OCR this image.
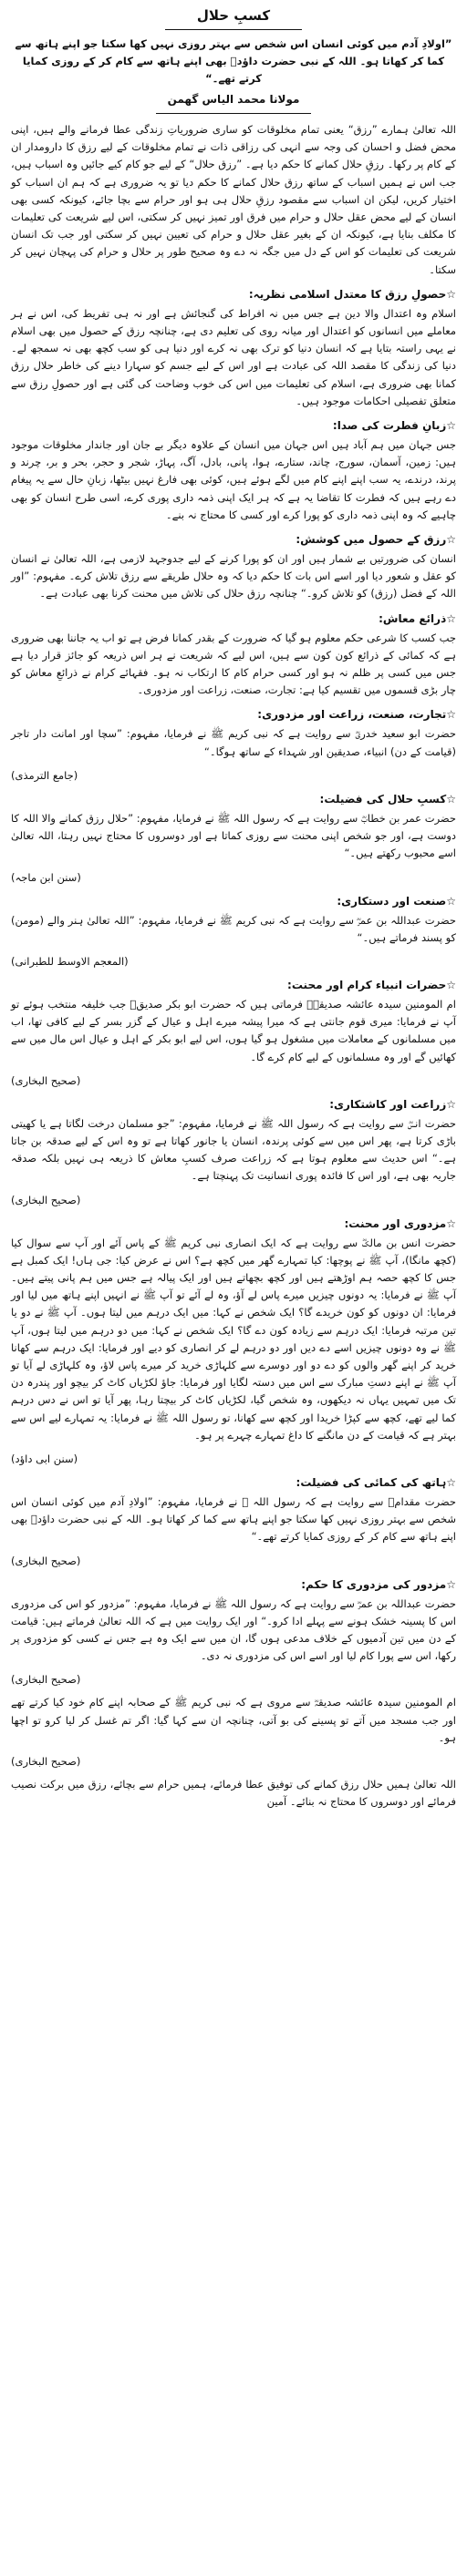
کسبِ حلال

”اولادِ آدم میں کوئی انسان اس شخص سے بہتر روزی نہیں کھا سکتا جو اپنے ہاتھ سے کما کر کھاتا ہو۔ اللہ کے نبی حضرت داؤدؑ بھی اپنے ہاتھ سے کام کر کے روزی کمایا کرتے تھے۔“

مولانا محمد الیاس گھمن

اللہ تعالیٰ ہمارے ”رزق“ یعنی تمام مخلوقات کو ساری ضروریاتِ زندگی عطا فرمانے والے ہیں، اپنی محض فضل و احسان کی وجہ سے انہی کی رزاقی ذات نے تمام مخلوقات کے لیے رزق کا دارومدار ان کے کام پر رکھا۔ رزقِ حلال کمانے کا حکم دیا ہے۔ ”رزق حلال“ کے لیے جو کام کیے جائیں وہ اسباب ہیں، جب اس نے ہمیں اسباب کے ساتھ رزق حلال کمانے کا حکم دیا تو یہ ضروری ہے کہ ہم ان اسباب کو اختیار کریں، لیکن ان اسباب سے مقصود رزقِ حلال ہی ہو اور حرام سے بچا جائے، کیونکہ کسی بھی انسان کے لیے محض عقل حلال و حرام میں فرق اور تمیز نہیں کر سکتی، اس لیے شریعت کی تعلیمات کا مکلف بنایا ہے، کیونکہ ان کے بغیر عقل حلال و حرام کی تعیین نہیں کر سکتی اور جب تک انسان شریعت کی تعلیمات کو اس کے دل میں جگہ نہ دے وہ صحیح طور پر حلال و حرام کی پہچان نہیں کر سکتا۔

☆حصولِ رزق کا معتدل اسلامی نظریہ:

اسلام وہ اعتدال والا دین ہے جس میں نہ افراط کی گنجائش ہے اور نہ ہی تفریط کی، اس نے ہر معاملے میں انسانوں کو اعتدال اور میانہ روی کی تعلیم دی ہے، چنانچہ رزق کے حصول میں بھی اسلام نے یہی راستہ بتایا ہے کہ انسان دنیا کو ترک بھی نہ کرے اور دنیا ہی کو سب کچھ بھی نہ سمجھ لے۔ دنیا کی زندگی کا مقصد اللہ کی عبادت ہے اور اس کے لیے جسم کو سہارا دینے کی خاطر حلال رزق کمانا بھی ضروری ہے، اسلام کی تعلیمات میں اس کی خوب وضاحت کی گئی ہے اور حصولِ رزق سے متعلق تفصیلی احکامات موجود ہیں۔

☆زبانِ فطرت کی صدا:

جس جہان میں ہم آباد ہیں اس جہان میں انسان کے علاوہ دیگر بے جان اور جاندار مخلوقات موجود ہیں: زمین، آسمان، سورج، چاند، ستارے، ہوا، پانی، بادل، آگ، پہاڑ، شجر و حجر، بحر و بر، چرند و پرند، درندے، یہ سب اپنے اپنے کام میں لگے ہوئے ہیں، کوئی بھی فارغ نہیں بیٹھا، زبانِ حال سے یہ پیغام دے رہے ہیں کہ فطرت کا تقاضا یہ ہے کہ ہر ایک اپنی ذمہ داری پوری کرے، اسی طرح انسان کو بھی چاہیے کہ وہ اپنی ذمہ داری کو پورا کرے اور کسی کا محتاج نہ بنے۔

☆رزق کے حصول میں کوشش:

انسان کی ضرورتیں بے شمار ہیں اور ان کو پورا کرنے کے لیے جدوجہد لازمی ہے، اللہ تعالیٰ نے انسان کو عقل و شعور دیا اور اسے اس بات کا حکم دیا کہ وہ حلال طریقے سے رزق تلاش کرے۔ مفہوم: ”اور اللہ کے فضل (رزق) کو تلاش کرو۔“ چنانچہ رزق حلال کی تلاش میں محنت کرنا بھی عبادت ہے۔

☆ذرائع معاش:

جب کسب کا شرعی حکم معلوم ہو گیا کہ ضرورت کے بقدر کمانا فرض ہے تو اب یہ جاننا بھی ضروری ہے کہ کمائی کے ذرائع کون کون سے ہیں، اس لیے کہ شریعت نے ہر اس ذریعہ کو جائز قرار دیا ہے جس میں کسی پر ظلم نہ ہو اور کسی حرام کام کا ارتکاب نہ ہو۔ فقہائے کرام نے ذرائعِ معاش کو چار بڑی قسموں میں تقسیم کیا ہے: تجارت، صنعت، زراعت اور مزدوری۔

☆تجارت، صنعت، زراعت اور مزدوری:

حضرت ابو سعید خدریؓ سے روایت ہے کہ نبی کریم ﷺ نے فرمایا، مفہوم: ”سچا اور امانت دار تاجر (قیامت کے دن) انبیاء، صدیقین اور شہداء کے ساتھ ہوگا۔“

(جامع الترمذی)
☆کسبِ حلال کی فضیلت:

حضرت عمر بن خطابؓ سے روایت ہے کہ رسول اللہ ﷺ نے فرمایا، مفہوم: ”حلال رزق کمانے والا اللہ کا دوست ہے، اور جو شخص اپنی محنت سے روزی کماتا ہے اور دوسروں کا محتاج نہیں رہتا، اللہ تعالیٰ اسے محبوب رکھتے ہیں۔“

(سنن ابن ماجہ)
☆صنعت اور دستکاری:

حضرت عبداللہ بن عمرؓ سے روایت ہے کہ نبی کریم ﷺ نے فرمایا، مفہوم: ”اللہ تعالیٰ ہنر والے (مومن) کو پسند فرماتے ہیں۔“

(المعجم الاوسط للطبرانی)
☆حضرات انبیاء کرام اور محنت:

ام المومنین سیدہ عائشہ صدیقہؓ فرماتی ہیں کہ حضرت ابو بکر صدیقؓ جب خلیفہ منتخب ہوئے تو آپ نے فرمایا: میری قوم جانتی ہے کہ میرا پیشہ میرے اہل و عیال کے گزر بسر کے لیے کافی تھا، اب میں مسلمانوں کے معاملات میں مشغول ہو گیا ہوں، اس لیے ابو بکر کے اہل و عیال اس مال میں سے کھائیں گے اور وہ مسلمانوں کے لیے کام کرے گا۔

(صحیح البخاری)
☆زراعت اور کاشتکاری:

حضرت انسؓ سے روایت ہے کہ رسول اللہ ﷺ نے فرمایا، مفہوم: ”جو مسلمان درخت لگاتا ہے یا کھیتی باڑی کرتا ہے، پھر اس میں سے کوئی پرندہ، انسان یا جانور کھاتا ہے تو وہ اس کے لیے صدقہ بن جاتا ہے۔“ اس حدیث سے معلوم ہوتا ہے کہ زراعت صرف کسبِ معاش کا ذریعہ ہی نہیں بلکہ صدقہ جاریہ بھی ہے، اور اس کا فائدہ پوری انسانیت تک پہنچتا ہے۔

(صحیح البخاری)
☆مزدوری اور محنت:

حضرت انس بن مالکؓ سے روایت ہے کہ ایک انصاری نبی کریم ﷺ کے پاس آئے اور آپ سے سوال کیا (کچھ مانگا)، آپ ﷺ نے پوچھا: کیا تمہارے گھر میں کچھ ہے؟ اس نے عرض کیا: جی ہاں! ایک کمبل ہے جس کا کچھ حصہ ہم اوڑھتے ہیں اور کچھ بچھاتے ہیں اور ایک پیالہ ہے جس میں ہم پانی پیتے ہیں۔ آپ ﷺ نے فرمایا: یہ دونوں چیزیں میرے پاس لے آؤ، وہ لے آئے تو آپ ﷺ نے انہیں اپنے ہاتھ میں لیا اور فرمایا: ان دونوں کو کون خریدے گا؟ ایک شخص نے کہا: میں ایک درہم میں لیتا ہوں۔ آپ ﷺ نے دو یا تین مرتبہ فرمایا: ایک درہم سے زیادہ کون دے گا؟ ایک شخص نے کہا: میں دو درہم میں لیتا ہوں، آپ ﷺ نے وہ دونوں چیزیں اسے دے دیں اور دو درہم لے کر انصاری کو دیے اور فرمایا: ایک درہم سے کھانا خرید کر اپنے گھر والوں کو دے دو اور دوسرے سے کلہاڑی خرید کر میرے پاس لاؤ، وہ کلہاڑی لے آیا تو آپ ﷺ نے اپنے دستِ مبارک سے اس میں دستہ لگایا اور فرمایا: جاؤ لکڑیاں کاٹ کر بیچو اور پندرہ دن تک میں تمہیں یہاں نہ دیکھوں، وہ شخص گیا، لکڑیاں کاٹ کر بیچتا رہا، پھر آیا تو اس نے دس درہم کما لیے تھے، کچھ سے کپڑا خریدا اور کچھ سے کھانا، تو رسول اللہ ﷺ نے فرمایا: یہ تمہارے لیے اس سے بہتر ہے کہ قیامت کے دن مانگنے کا داغ تمہارے چہرے پر ہو۔

(سنن ابی داؤد)
☆ہاتھ کی کمائی کی فضیلت:

حضرت مقدامؓ سے روایت ہے کہ رسول اللہ ﷺ نے فرمایا، مفہوم: ”اولادِ آدم میں کوئی انسان اس شخص سے بہتر روزی نہیں کھا سکتا جو اپنے ہاتھ سے کما کر کھاتا ہو۔ اللہ کے نبی حضرت داؤدؑ بھی اپنے ہاتھ سے کام کر کے روزی کمایا کرتے تھے۔“

(صحیح البخاری)
☆مزدور کی مزدوری کا حکم:

حضرت عبداللہ بن عمرؓ سے روایت ہے کہ رسول اللہ ﷺ نے فرمایا، مفہوم: ”مزدور کو اس کی مزدوری اس کا پسینہ خشک ہونے سے پہلے ادا کرو۔“ اور ایک روایت میں ہے کہ اللہ تعالیٰ فرماتے ہیں: قیامت کے دن میں تین آدمیوں کے خلاف مدعی ہوں گا، ان میں سے ایک وہ ہے جس نے کسی کو مزدوری پر رکھا، اس سے پورا کام لیا اور اسے اس کی مزدوری نہ دی۔

(صحیح البخاری)

ام المومنین سیدہ عائشہ صدیقہؓ سے مروی ہے کہ نبی کریم ﷺ کے صحابہ اپنے کام خود کیا کرتے تھے اور جب مسجد میں آتے تو پسینے کی بو آتی، چنانچہ ان سے کہا گیا: اگر تم غسل کر لیا کرو تو اچھا ہو۔

(صحیح البخاری)

اللہ تعالیٰ ہمیں حلال رزق کمانے کی توفیق عطا فرمائے، ہمیں حرام سے بچائے، رزق میں برکت نصیب فرمائے اور دوسروں کا محتاج نہ بنائے۔ آمین
